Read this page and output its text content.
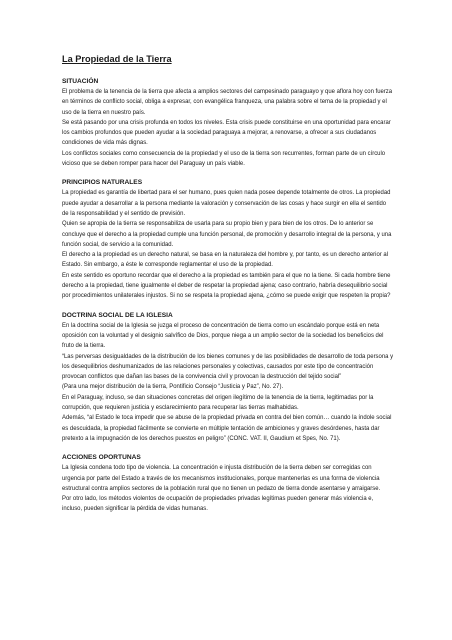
La Propiedad de la Tierra
SITUACIÓN

El problema de la tenencia de la tierra que afecta a amplios sectores del campesinado paraguayo y que aflora hoy con fuerza en términos de conflicto social, obliga a expresar, con evangélica franqueza, una palabra sobre el tema de la propiedad y el uso de la tierra en nuestro país.

Se está pasando por una crisis profunda en todos los niveles. Esta crisis puede constituirse en una oportunidad para encarar los cambios profundos que pueden ayudar a la sociedad paraguaya a mejorar, a renovarse, a ofrecer a sus ciudadanos condiciones de vida más dignas.

Los conflictos sociales como consecuencia de la propiedad y el uso de la tierra son recurrentes, forman parte de un círculo vicioso que se deben romper para hacer del Paraguay un país viable.

PRINCIPIOS NATURALES

La propiedad es garantía de libertad para el ser humano, pues quien nada posee depende totalmente de otros. La propiedad puede ayudar a desarrollar a la persona mediante la valoración y conservación de las cosas y hace surgir en ella el sentido de la responsabilidad y el sentido de previsión.

Quien se apropia de la tierra se responsabiliza de usarla para su propio bien y para bien de los otros. De lo anterior se concluye que el derecho a la propiedad cumple una función personal, de promoción y desarrollo integral de la persona, y una función social, de servicio a la comunidad.

El derecho a la propiedad es un derecho natural, se basa en la naturaleza del hombre y, por tanto, es un derecho anterior al Estado. Sin embargo, a éste le corresponde reglamentar el uso de la propiedad.

En este sentido es oportuno recordar que el derecho a la propiedad es también para el que no la tiene. Si cada hombre tiene derecho a la propiedad, tiene igualmente el deber de respetar la propiedad ajena; caso contrario, habría desequilibrio social por procedimientos unilaterales injustos. Si no se respeta la propiedad ajena, ¿cómo se puede exigir que respeten la propia?

DOCTRINA SOCIAL DE LA IGLESIA

En la doctrina social de la Iglesia se juzga el proceso de concentración de tierra como un escándalo porque está en neta oposición con la voluntad y el designio salvífico de Dios, porque niega a un amplio sector de la sociedad los beneficios del fruto de la tierra.

“Las perversas desigualdades de la distribución de los bienes comunes y de las posibilidades de desarrollo de toda persona y los desequilibrios deshumanizados de las relaciones personales y colectivas, causados por este tipo de concentración provocan conflictos que dañan las bases de la convivencia civil y provocan la destrucción del tejido social”

(Para una mejor distribución de la tierra, Pontificio Consejo “Justicia y Paz”, No. 27).

En el Paraguay, incluso, se dan situaciones concretas del origen ilegítimo de la tenencia de la tierra, legitimadas por la corrupción, que requieren justicia y esclarecimiento para recuperar las tierras malhabidas.

Además, “al Estado le toca impedir que se abuse de la propiedad privada en contra del bien común… cuando la índole social es descuidada, la propiedad fácilmente se convierte en múltiple tentación de ambiciones y graves desórdenes, hasta dar pretexto a la impugnación de los derechos puestos en peligro” (CONC. VAT. II, Gaudium et Spes, No. 71).

ACCIONES OPORTUNAS

La Iglesia condena todo tipo de violencia. La concentración e injusta distribución de la tierra deben ser corregidas con urgencia por parte del Estado a través de los mecanismos institucionales, porque mantenerlas es una forma de violencia estructural contra amplios sectores de la población rural que no tienen un pedazo de tierra donde asentarse y arraigarse.

Por otro lado, los métodos violentos de ocupación de propiedades privadas legítimas pueden generar más violencia e, incluso, pueden significar la pérdida de vidas humanas.
